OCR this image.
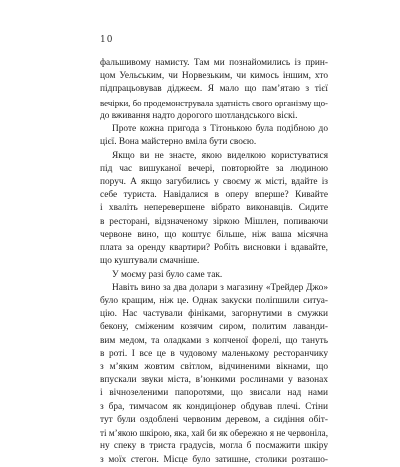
10
фальшивому намисту. Там ми познайомились із прин-
цом Уельським, чи Норвезьким, чи кимось іншим, хто
підпрацьовував діджеєм. Я мало що пам’ятаю з тієї
вечірки, бо продемонструвала здатність свого організму що-
до вживання надто дорогого шотландського віскі.
Проте кожна пригода з Тітонькою була подібною до
цієї. Вона майстерно вміла бути своєю.
Якщо ви не знаєте, якою виделкою користуватися
під час вишуканої вечері, повторюйте за людиною
поруч. А якщо загубились у своєму ж місті, вдайте із
себе туриста. Навідалися в оперу вперше? Кивайте
і хваліть неперевершене вібрато виконавців. Сидите
в ресторані, відзначеному зіркою Мішлен, попиваючи
червоне вино, що коштує більше, ніж ваша місячна
плата за оренду квартири? Робіть висновки і вдавайте,
що куштували смачніше.
У моєму разі було саме так.
Навіть вино за два долари з магазину «Трейдер Джо»
було кращим, ніж це. Однак закуски поліпшили ситуа-
цію. Нас частували фініками, загорнутими в смужки
бекону, сміженим козячим сиром, политим лаванди-
вим медом, та оладками з копченої форелі, що тануть
в роті. І все це в чудовому маленькому ресторанчику
з м’яким жовтим світлом, відчиненими вікнами, що
впускали звуки міста, в’юнкими рослинами у вазонах
і вічнозеленими папоротями, що звисали над нами
з бра, тимчасом як кондиціонер обдував плечі. Стіни
тут були оздоблені червоним деревом, а сидіння обіт-
ті м’якою шкірою, яка, хай би як обережно я не червоніла,
ну спеку в триста градусів, могла б посмажити шкіру
з моїх стегон. Місце було затишне, столики розташо-
